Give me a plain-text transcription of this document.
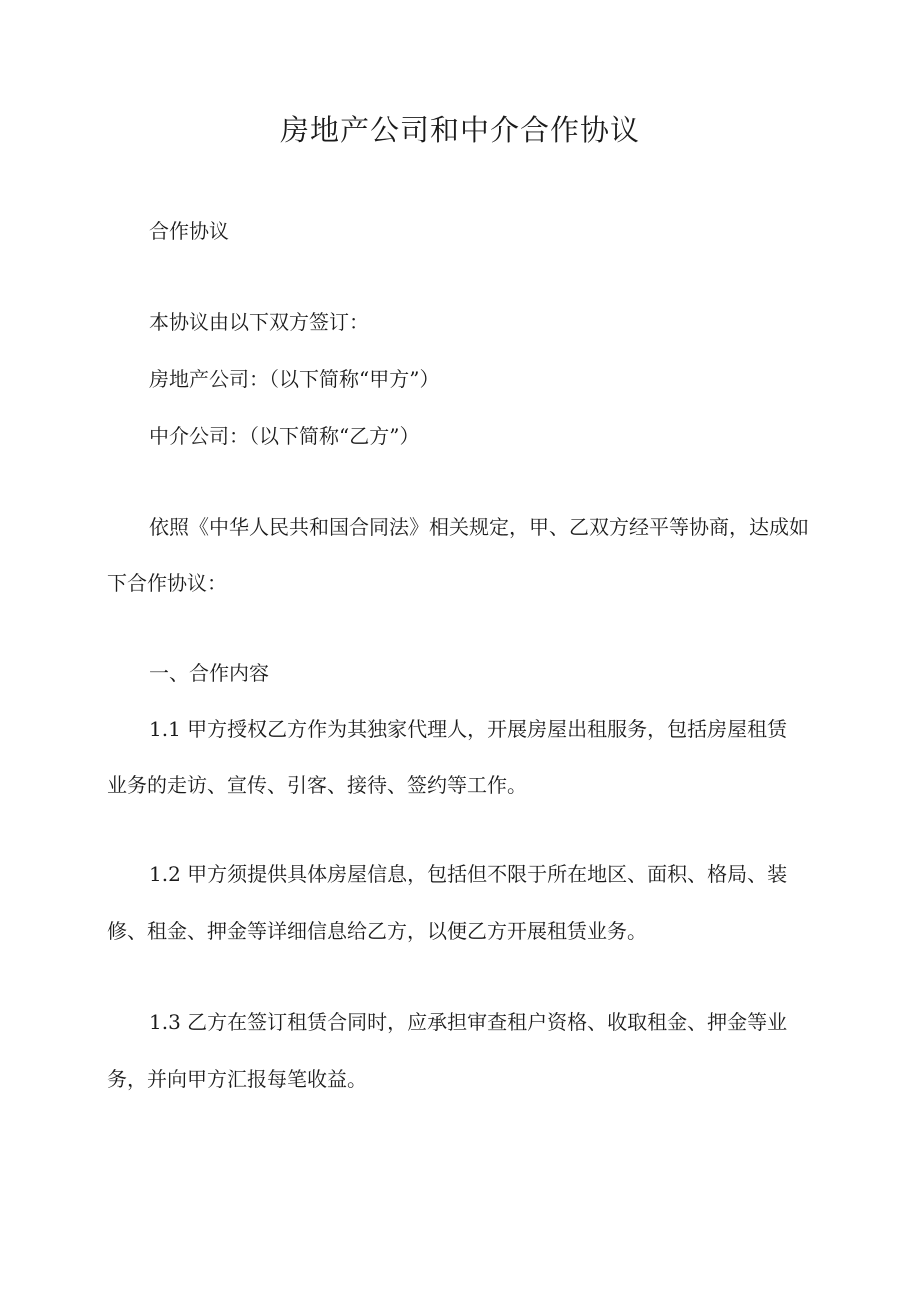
房地产公司和中介合作协议
合作协议
本协议由以下双方签订：
房地产公司：（以下简称“甲方”）
中介公司：（以下简称“乙方”）
依照《中华人民共和国合同法》相关规定，甲、乙双方经平等协商，达成如
下合作协议：
一、合作内容
1.1 甲方授权乙方作为其独家代理人，开展房屋出租服务，包括房屋租赁
业务的走访、宣传、引客、接待、签约等工作。
1.2 甲方须提供具体房屋信息，包括但不限于所在地区、面积、格局、装
修、租金、押金等详细信息给乙方，以便乙方开展租赁业务。
1.3 乙方在签订租赁合同时，应承担审查租户资格、收取租金、押金等业
务，并向甲方汇报每笔收益。
